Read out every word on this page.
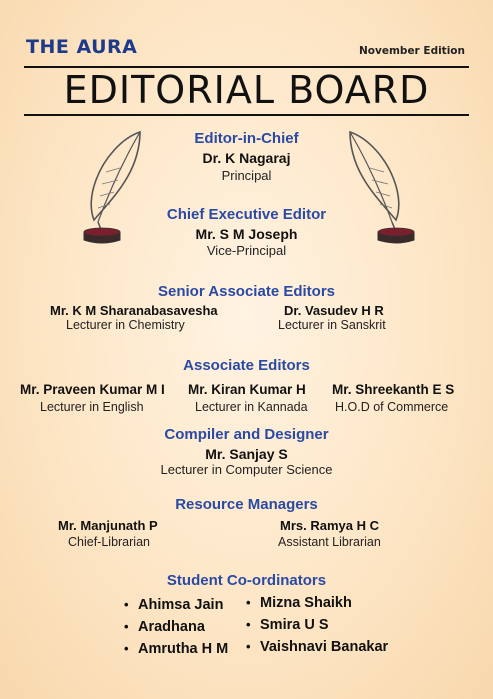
THE AURA	November Edition
EDITORIAL BOARD
Editor-in-Chief
Dr. K Nagaraj
Principal
Chief Executive Editor
Mr. S M Joseph
Vice-Principal
Senior Associate Editors
Mr. K M Sharanabasavesha
Lecturer in Chemistry
Dr. Vasudev H R
Lecturer in Sanskrit
Associate Editors
Mr. Praveen Kumar M I
Lecturer in English
Mr. Kiran Kumar H
Lecturer in Kannada
Mr. Shreekanth E S
H.O.D of Commerce
Compiler and Designer
Mr. Sanjay S
Lecturer in Computer Science
Resource Managers
Mr. Manjunath P
Chief-Librarian
Mrs. Ramya H C
Assistant Librarian
Student Co-ordinators
• Ahimsa Jain
• Aradhana
• Amrutha H M
• Mizna Shaikh
• Smira U S
• Vaishnavi Banakar
